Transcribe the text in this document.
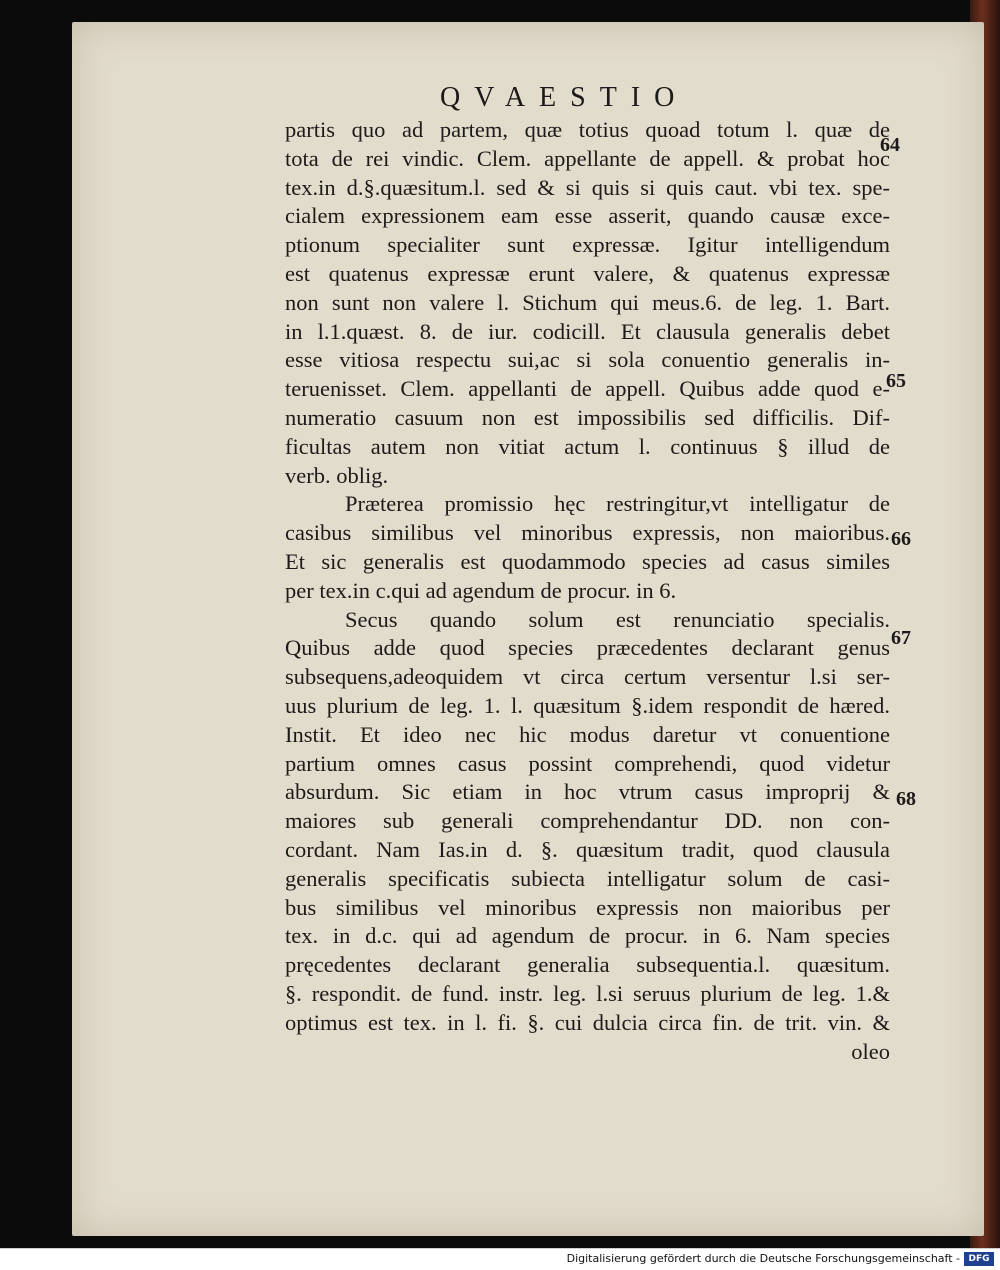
QVAESTIO
partis quo ad partem, quæ totius quoad totum l. quæ de
tota de rei vindic. Clem. appellante de appell. & probat hoc
tex.in d.§.quæsitum.l. sed & si quis si quis caut. vbi tex. spe-
cialem expressionem eam esse asserit, quando causæ exce-
ptionum specialiter sunt expressæ. Igitur intelligendum
est quatenus expressæ erunt valere, & quatenus expressæ
non sunt non valere l. Stichum qui meus.6. de leg. 1. Bart.
in l.1.quæst. 8. de iur. codicill. Et clausula generalis debet
esse vitiosa respectu sui,ac si sola conuentio generalis in-
teruenisset. Clem. appellanti de appell. Quibus adde quod e-
numeratio casuum non est impossibilis sed difficilis. Dif-
ficultas autem non vitiat actum l. continuus § illud de
verb. oblig.
Præterea promissio hęc restringitur,vt intelligatur de
casibus similibus vel minoribus expressis, non maioribus.
Et sic generalis est quodammodo species ad casus similes
per tex.in c.qui ad agendum de procur. in 6.
Secus quando solum est renunciatio specialis.
Quibus adde quod species præcedentes declarant genus
subsequens,adeoquidem vt circa certum versentur l.si ser-
uus plurium de leg. 1. l. quæsitum §.idem respondit de hæred.
Instit. Et ideo nec hic modus daretur vt conuentione
partium omnes casus possint comprehendi, quod videtur
absurdum. Sic etiam in hoc vtrum casus improprij &
maiores sub generali comprehendantur DD. non con-
cordant. Nam Ias.in d. §. quæsitum tradit, quod clausula
generalis specificatis subiecta intelligatur solum de casi-
bus similibus vel minoribus expressis non maioribus per
tex. in d.c. qui ad agendum de procur. in 6. Nam species
pręcedentes declarant generalia subsequentia.l. quæsitum.
§. respondit. de fund. instr. leg. l.si seruus plurium de leg. 1.&
optimus est tex. in l. fi. §. cui dulcia circa fin. de trit. vin. &
oleo
64
65
66
67
68
Digitalisierung gefördert durch die Deutsche Forschungsgemeinschaft - DFG
